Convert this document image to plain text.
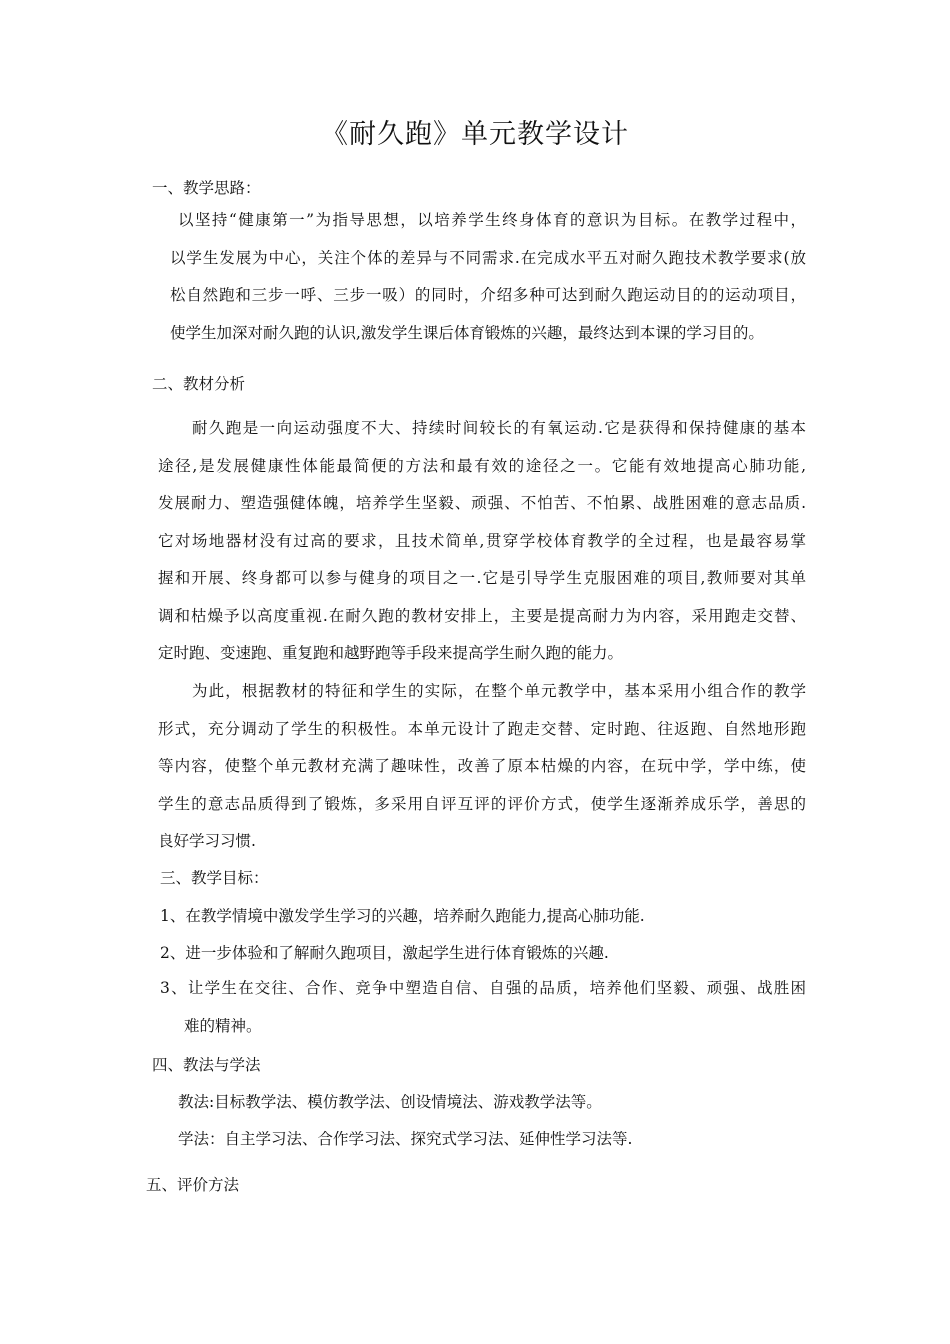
《耐久跑》单元教学设计
一、教学思路：

以坚持“健康第一”为指导思想，以培养学生终身体育的意识为目标。在教学过程中，

以学生发展为中心，关注个体的差异与不同需求.在完成水平五对耐久跑技术教学要求(放

松自然跑和三步一呼、三步一吸）的同时，介绍多种可达到耐久跑运动目的的运动项目，

使学生加深对耐久跑的认识,激发学生课后体育锻炼的兴趣，最终达到本课的学习目的。

二、教材分析

耐久跑是一向运动强度不大、持续时间较长的有氧运动.它是获得和保持健康的基本

途径,是发展健康性体能最简便的方法和最有效的途径之一。它能有效地提高心肺功能,

发展耐力、塑造强健体魄，培养学生坚毅、顽强、不怕苦、不怕累、战胜困难的意志品质.

它对场地器材没有过高的要求，且技术简单,贯穿学校体育教学的全过程，也是最容易掌

握和开展、终身都可以参与健身的项目之一.它是引导学生克服困难的项目,教师要对其单

调和枯燥予以高度重视.在耐久跑的教材安排上，主要是提高耐力为内容，采用跑走交替、

定时跑、变速跑、重复跑和越野跑等手段来提高学生耐久跑的能力。

为此，根据教材的特征和学生的实际，在整个单元教学中，基本采用小组合作的教学

形式，充分调动了学生的积极性。本单元设计了跑走交替、定时跑、往返跑、自然地形跑

等内容，使整个单元教材充满了趣味性，改善了原本枯燥的内容，在玩中学，学中练，使

学生的意志品质得到了锻炼，多采用自评互评的评价方式，使学生逐渐养成乐学，善思的

良好学习习惯.

三、教学目标：
1、在教学情境中激发学生学习的兴趣，培养耐久跑能力,提高心肺功能.
2、进一步体验和了解耐久跑项目，激起学生进行体育锻炼的兴趣.

3、让学生在交往、合作、竞争中塑造自信、自强的品质，培养他们坚毅、顽强、战胜困

难的精神。

四、教法与学法
教法:目标教学法、模仿教学法、创设情境法、游戏教学法等。
学法：自主学习法、合作学习法、探究式学习法、延伸性学习法等.
五、评价方法
